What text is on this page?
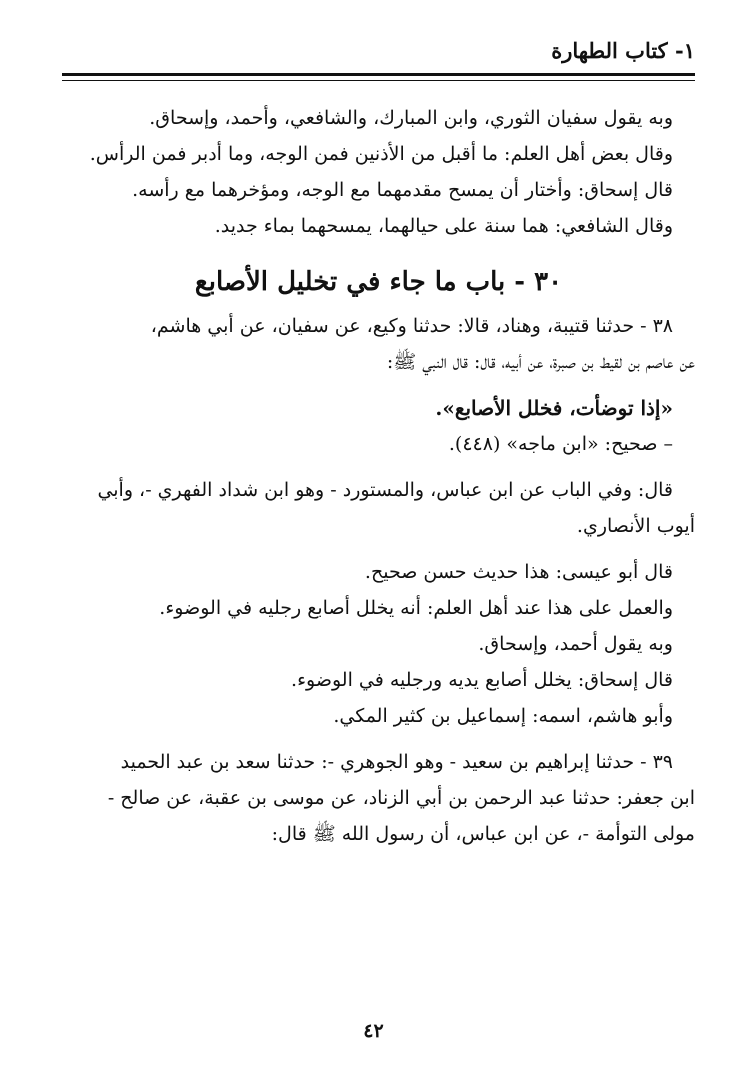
١- كتاب الطهارة
وبه يقول سفيان الثوري، وابن المبارك، والشافعي، وأحمد، وإسحاق.
وقال بعض أهل العلم: ما أقبل من الأذنين فمن الوجه، وما أدبر فمن الرأس.
قال إسحاق: وأختار أن يمسح مقدمهما مع الوجه، ومؤخرهما مع رأسه.
وقال الشافعي: هما سنة على حيالهما، يمسحهما بماء جديد.
٣٠ - باب ما جاء في تخليل الأصابع
٣٨ - حدثنا قتيبة، وهناد، قالا: حدثنا وكيع، عن سفيان، عن أبي هاشم،
عن عاصم بن لقيط بن صبرة، عن أبيه، قال: قال النبي ﷺ:
«إذا توضأت، فخلل الأصابع».
– صحيح: «ابن ماجه» (٤٤٨).
قال: وفي الباب عن ابن عباس، والمستورد - وهو ابن شداد الفهري -، وأبي
أيوب الأنصاري.
قال أبو عيسى: هذا حديث حسن صحيح.
والعمل على هذا عند أهل العلم: أنه يخلل أصابع رجليه في الوضوء.
وبه يقول أحمد، وإسحاق.
قال إسحاق: يخلل أصابع يديه ورجليه في الوضوء.
وأبو هاشم، اسمه: إسماعيل بن كثير المكي.
٣٩ - حدثنا إبراهيم بن سعيد - وهو الجوهري -: حدثنا سعد بن عبد الحميد
ابن جعفر: حدثنا عبد الرحمن بن أبي الزناد، عن موسى بن عقبة، عن صالح -
مولى التوأمة -، عن ابن عباس، أن رسول الله ﷺ قال:
٤٢
